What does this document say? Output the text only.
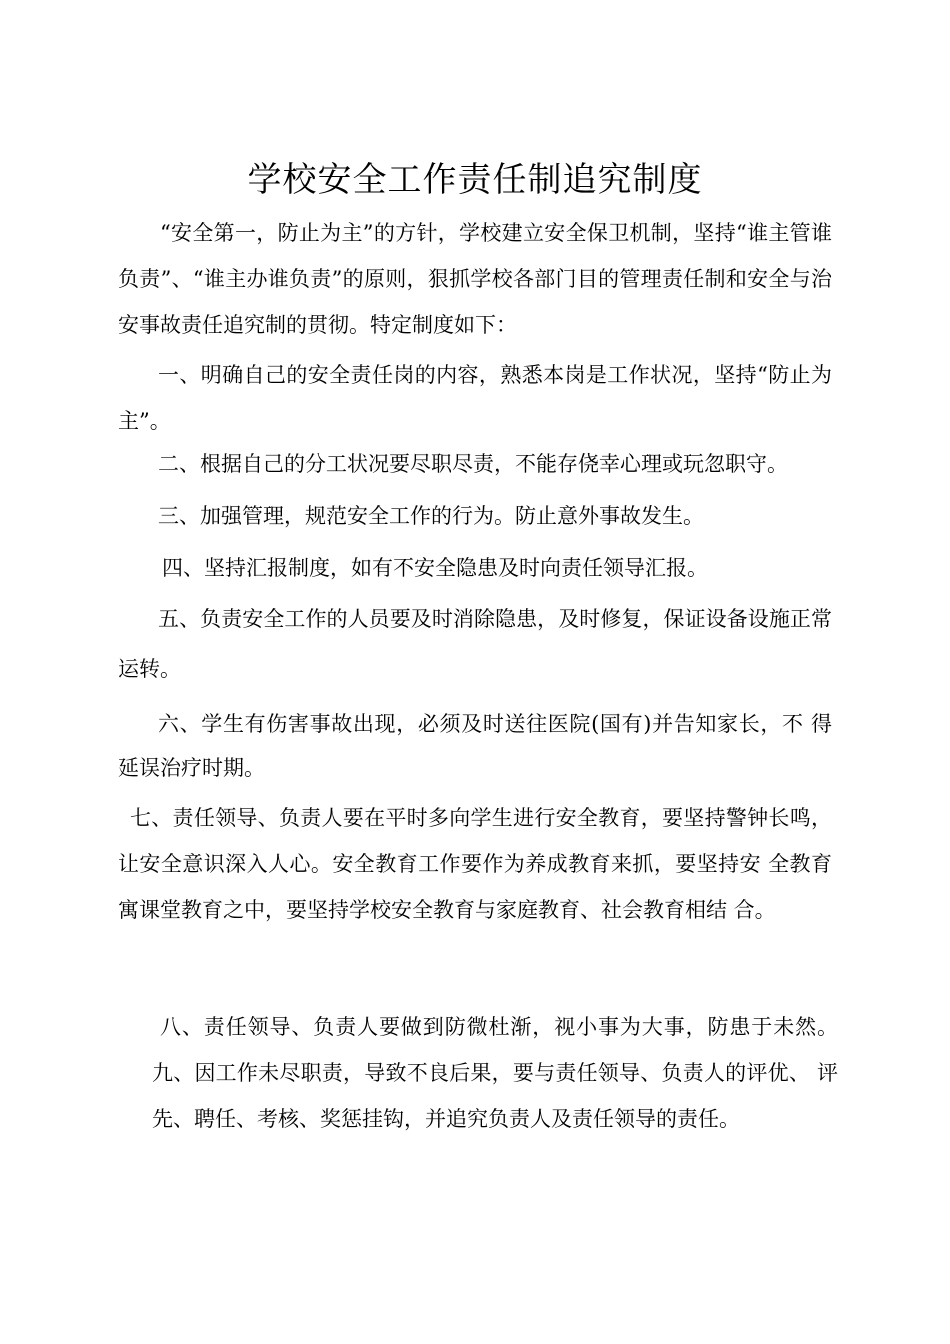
学校安全工作责任制追究制度
“安全第一，防止为主”的方针，学校建立安全保卫机制，坚持“谁主管谁负责”、“谁主办谁负责”的原则，狠抓学校各部门目的管理责任制和安全与治安事故责任追究制的贯彻。特定制度如下：
一、明确自己的安全责任岗的内容，熟悉本岗是工作状况，坚持“防止为主”。
二、根据自己的分工状况要尽职尽责，不能存侥幸心理或玩忽职守。
三、加强管理，规范安全工作的行为。防止意外事故发生。
四、坚持汇报制度，如有不安全隐患及时向责任领导汇报。
五、负责安全工作的人员要及时消除隐患，及时修复，保证设备设施正常运转。
六、学生有伤害事故出现，必须及时送往医院(国有)并告知家长，不 得延误治疗时期。
七、责任领导、负责人要在平时多向学生进行安全教育，要坚持警钟长鸣，让安全意识深入人心。安全教育工作要作为养成教育来抓，要坚持安 全教育寓课堂教育之中，要坚持学校安全教育与家庭教育、社会教育相结 合。
八、责任领导、负责人要做到防微杜渐，视小事为大事，防患于未然。 九、因工作未尽职责，导致不良后果，要与责任领导、负责人的评优、 评先、聘任、考核、奖惩挂钩，并追究负责人及责任领导的责任。
